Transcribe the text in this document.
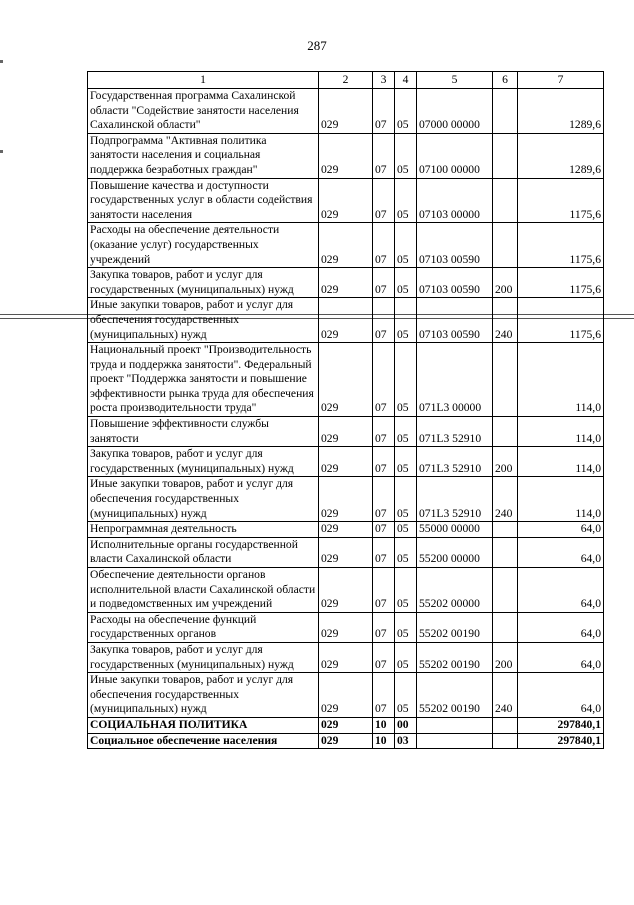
287
1	2	3	4	5	6	7
Государственная программа Сахалинской области "Содействие занятости населения Сахалинской области"	029	07	05	07000 00000		1289,6
Подпрограмма "Активная политика занятости населения и социальная поддержка безработных граждан"	029	07	05	07100 00000		1289,6
Повышение качества и доступности государственных услуг в области содействия занятости населения	029	07	05	07103 00000		1175,6
Расходы на обеспечение деятельности (оказание услуг) государственных учреждений	029	07	05	07103 00590		1175,6
Закупка товаров, работ и услуг для государственных (муниципальных) нужд	029	07	05	07103 00590	200	1175,6
Иные закупки товаров, работ и услуг для обеспечения государственных (муниципальных) нужд	029	07	05	07103 00590	240	1175,6
Национальный проект "Производительность труда и поддержка занятости". Федеральный проект "Поддержка занятости и повышение эффективности рынка труда для обеспечения роста производительности труда"	029	07	05	071L3 00000		114,0
Повышение эффективности службы занятости	029	07	05	071L3 52910		114,0
Закупка товаров, работ и услуг для государственных (муниципальных) нужд	029	07	05	071L3 52910	200	114,0
Иные закупки товаров, работ и услуг для обеспечения государственных (муниципальных) нужд	029	07	05	071L3 52910	240	114,0
Непрограммная деятельность	029	07	05	55000 00000		64,0
Исполнительные органы государственной власти Сахалинской области	029	07	05	55200 00000		64,0
Обеспечение деятельности органов исполнительной власти Сахалинской области и подведомственных им учреждений	029	07	05	55202 00000		64,0
Расходы на обеспечение функций государственных органов	029	07	05	55202 00190		64,0
Закупка товаров, работ и услуг для государственных (муниципальных) нужд	029	07	05	55202 00190	200	64,0
Иные закупки товаров, работ и услуг для обеспечения государственных (муниципальных) нужд	029	07	05	55202 00190	240	64,0
СОЦИАЛЬНАЯ ПОЛИТИКА	029	10	00			297840,1
Социальное обеспечение населения	029	10	03			297840,1
